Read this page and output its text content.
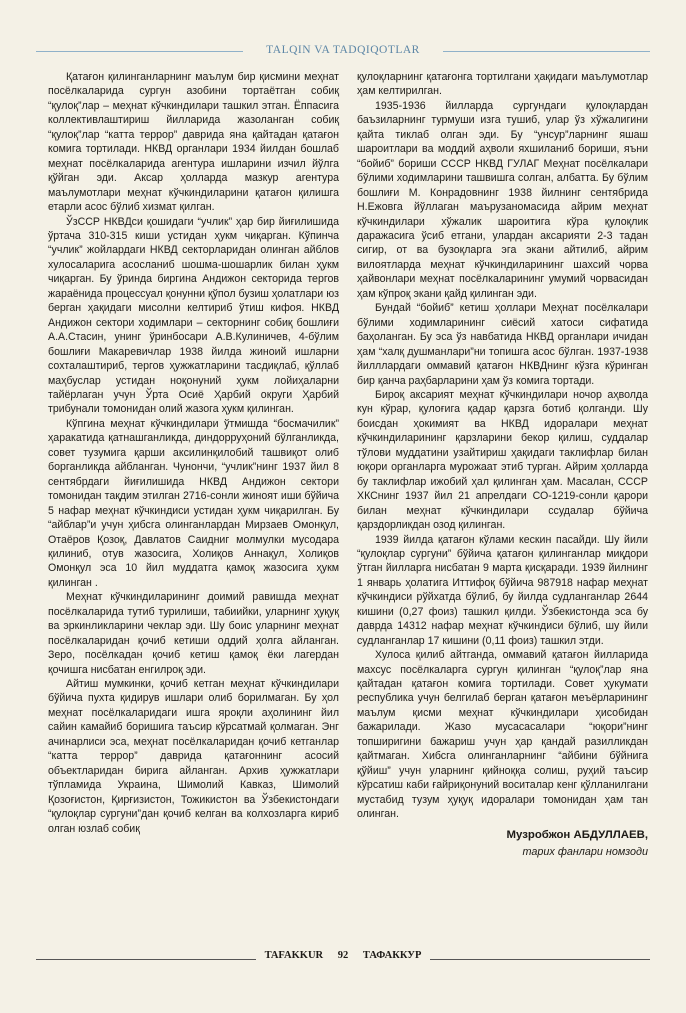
TALQIN VA TADQIQOTLAR

Қатағон қилинганларнинг маълум бир қисмини меҳнат посёлкаларида сургун азобини тортаётган собиқ “қулоқ”лар – меҳнат кўчкиндилари ташкил этган. Ёппасига коллективлаштириш йилларида жазоланган собиқ “қулоқ”лар “катта террор” даврида яна қайтадан қатағон комига тортилади. НКВД органлари 1934 йилдан бошлаб меҳнат посёлкаларида агентура ишларини изчил йўлга қўйган эди. Аксар ҳолларда мазкур агентура маълумотлари меҳнат кўчкиндиларини қатағон қилишга етарли асос бўлиб хизмат қилган.

ЎзССР НКВДси қошидаги “учлик” ҳар бир йиғилишида ўртача 310-315 киши устидан ҳукм чиқарган. Кўпинча “учлик” жойлардаги НКВД секторларидан олинган айблов хулосаларига асосланиб шошма-шошарлик билан ҳукм чиқарган. Бу ўринда биргина Андижон секторида тергов жараёнида процессуал қонунни қўпол бузиш ҳолатлари юз берган ҳақидаги мисолни келтириб ўтиш кифоя. НКВД Андижон сектори ходимлари – секторнинг собиқ бошлиғи А.А.Стасин, унинг ўринбосари А.В.Кулиничев, 4-бўлим бошлиғи Макаревичлар 1938 йилда жиноий ишларни сохталаштириб, тергов ҳужжатларини тасдиқлаб, қўллаб маҳбуслар устидан ноқонуний ҳукм лойиҳаларни тайёрлаган учун Ўрта Осиё Ҳарбий округи Ҳарбий трибунали томонидан олий жазога ҳукм қилинган.

Кўпгина меҳнат кўчкиндилари ўтмишда “босмачилик” ҳаракатида қатнашганликда, диндорруҳоний бўлганликда, совет тузумига қарши аксилинқилобий ташвиқот олиб борганликда айбланган. Чунончи, “учлик”нинг 1937 йил 8 сентябрдаги йиғилишида НКВД Андижон сектори томонидан тақдим этилган 2716-сонли жиноят иши бўйича 5 нафар меҳнат кўчкиндиси устидан ҳукм чиқарилган. Бу “айблар”и учун ҳибсга олинганлардан Мирзаев Омонқул, Отаёров Қозоқ, Давлатов Саидниг молмулки мусодара қилиниб, отув жазосига, Холиқов Аннақул, Холиқов Омонқул эса 10 йил муддатга қамоқ жазосига ҳукм қилинган .

Меҳнат кўчкиндиларининг доимий равишда меҳнат посёлкаларида тутиб турилиши, табиийки, уларнинг ҳуқуқ ва эркинликларини чеклар эди. Шу боис уларнинг меҳнат посёлкаларидан қочиб кетиши оддий ҳолга айланган. Зеро, посёлкадан қочиб кетиш қамоқ ёки лагердан қочишга нисбатан енгилроқ эди.

Айтиш мумкинки, қочиб кетган меҳнат кўчкиндилари бўйича пухта қидирув ишлари олиб борилмаган. Бу ҳол меҳнат посёлкаларидаги ишга яроқли аҳолининг йил сайин камайиб боришига таъсир кўрсатмай қолмаган. Энг ачинарлиси эса, меҳнат посёлкаларидан қочиб кетганлар “катта террор” даврида қатағоннинг асосий объектларидан бирига айланган. Архив ҳужжатлари тўпламида Украина, Шимолий Кавказ, Шимолий Қозоғистон, Қирғизистон, Тожикистон ва Ўзбекистондаги “қулоқлар сургуни”дан қочиб келган ва колхозларга кириб олган юзлаб собиқ

қулоқларнинг қатағонга тортилгани ҳақидаги маълумотлар ҳам келтирилган.

1935-1936 йилларда сургундаги қулоқлардан баъзиларнинг турмуши изга тушиб, улар ўз хўжалигини қайта тиклаб олган эди. Бу “унсур”ларнинг яшаш шароитлари ва моддий аҳволи яхшиланиб бориши, яъни “бойиб” бориши СССР НКВД ГУЛАГ Меҳнат посёлкалари бўлими ходимларини ташвишга солган, албатта. Бу бўлим бошлиғи М. Конрадовнинг 1938 йилнинг сентябрида Н.Ежовга йўллаган маърузаномасида айрим меҳнат кўчкиндилари хўжалик шароитига кўра қулоқлик даражасига ўсиб етгани, улардан аксарияти 2-3 тадан сигир, от ва бузоқларга эга экани айтилиб, айрим вилоятларда меҳнат кўчкиндиларининг шахсий чорва ҳайвонлари меҳнат посёлкаларининг умумий чорвасидан ҳам кўпроқ экани қайд қилинган эди.

Бундай “бойиб” кетиш ҳоллари Меҳнат посёлкалари бўлими ходимларининг сиёсий хатоси сифатида баҳоланган. Бу эса ўз навбатида НКВД органлари ичидан ҳам “халқ душманлари”ни топишга асос бўлган. 1937-1938 йилллардаги оммавий қатағон НКВДнинг кўзга кўринган бир қанча раҳбарларини ҳам ўз комига тортади.

Бироқ аксарият меҳнат кўчкиндилари ночор аҳволда кун кўрар, қулоғига қадар қарзга ботиб қолганди. Шу боисдан ҳокимият ва НКВД идоралари меҳнат кўчкиндиларининг қарзларини бекор қилиш, суддалар тўлови муддатини узайтириш ҳақидаги таклифлар билан юқори органларга мурожаат этиб турган. Айрим ҳолларда бу таклифлар ижобий ҳал қилинган ҳам. Масалан, СССР ХКСнинг 1937 йил 21 апрелдаги СО-1219-сонли қарори билан меҳнат кўчкиндилари ссудалар бўйича қарздорликдан озод қилинган.

1939 йилда қатағон кўлами кескин пасайди. Шу йили “қулоқлар сургуни” бўйича қатағон қилинганлар миқдори ўтган йилларга нисбатан 9 марта қисқаради. 1939 йилнинг 1 январь ҳолатига Иттифоқ бўйича 987918 нафар меҳнат кўчкиндиси рўйхатда бўлиб, бу йилда судланганлар 2644 кишини (0,27 фоиз) ташкил қилди. Ўзбекистонда эса бу даврда 14312 нафар меҳнат кўчкиндиси бўлиб, шу йили судланганлар 17 кишини (0,11 фоиз) ташкил этди.

Хулоса қилиб айтганда, оммавий қатағон йилларида махсус посёлкаларга сургун қилинган “қулоқ”лар яна қайтадан қатағон комига тортилади. Совет ҳукумати республика учун белгилаб берган қатағон меъёрларининг маълум қисми меҳнат кўчкиндилари ҳисобидан бажарилади. Жазо мусасасалари “юқори”нинг топширигини бажариш учун ҳар қандай разилликдан қайтмаган. Хибсга олинганларнинг “айбини бўйнига қўйиш” учун уларнинг қийноққа солиш, руҳий таъсир кўрсатиш каби ғайриқонуний воситалар кенг қўлланилгани мустабид тузум ҳуқуқ идоралари томонидан ҳам тан олинган.

Музробжон АБДУЛЛАЕВ,
тарих фанлари номзоди
TAFAKKUR 92 ТАФАККУР
